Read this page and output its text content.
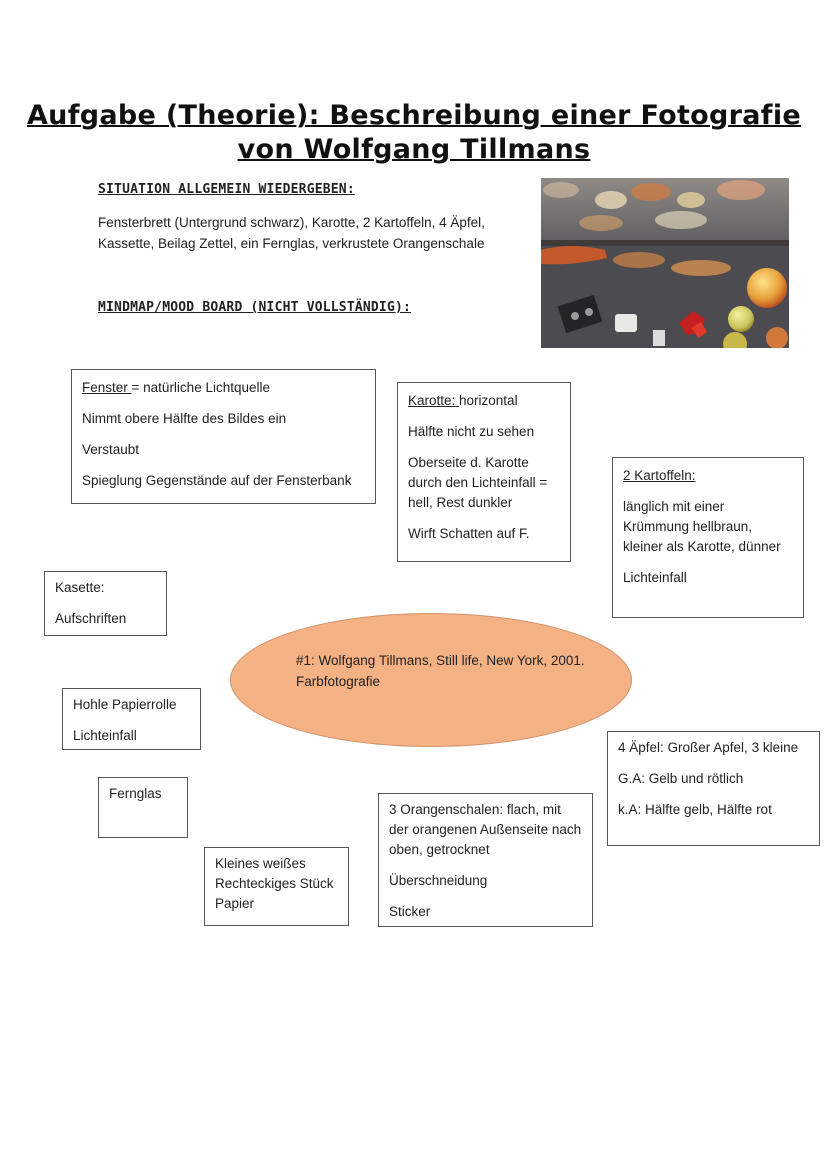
Aufgabe (Theorie): Beschreibung einer Fotografie
von Wolfgang Tillmans
SITUATION ALLGEMEIN WIEDERGEBEN:
Fensterbrett (Untergrund schwarz), Karotte, 2 Kartoffeln, 4 Äpfel, Kassette, Beilag Zettel, ein Fernglas, verkrustete Orangenschale
MINDMAP/MOOD BOARD (NICHT VOLLSTÄNDIG):

Fenster = natürliche Lichtquelle

Nimmt obere Hälfte des Bildes ein

Verstaubt

Spieglung Gegenstände auf der Fensterbank

Karotte: horizontal

Hälfte nicht zu sehen

Oberseite d. Karotte durch den Lichteinfall = hell, Rest dunkler

Wirft Schatten auf F.

2 Kartoffeln:

länglich mit einer Krümmung hellbraun, kleiner als Karotte, dünner

Lichteinfall

Kasette:

Aufschriften

#1: Wolfgang Tillmans, Still life, New York, 2001. Farbfotografie

Hohle Papierrolle

Lichteinfall

4 Äpfel: Großer Apfel, 3 kleine

G.A: Gelb und rötlich

k.A: Hälfte gelb, Hälfte rot

Fernglas

3 Orangenschalen: flach, mit der orangenen Außenseite nach oben, getrocknet

Überschneidung

Sticker

Kleines weißes Rechteckiges Stück Papier
